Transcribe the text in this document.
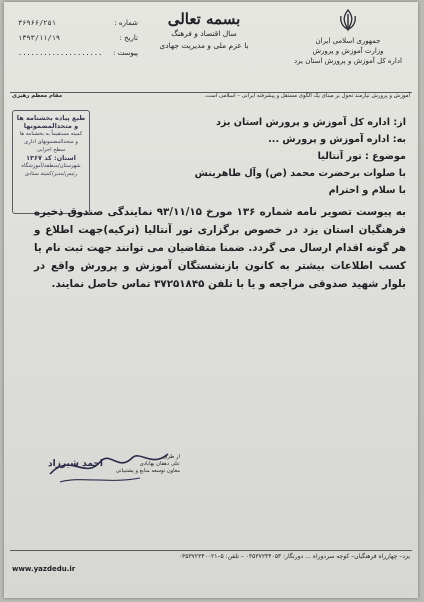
جمهوری اسلامی ایران
وزارت آموزش و پرورش
اداره کل آموزش و پرورش استان یزد
بسمه تعالی
سال اقتصاد و فرهنگ
با عزم ملی و مدیریت جهادی
شماره :
۳۶۹۶۶/۲۵۱
تاریخ :
۱۳۹۳/۱۱/۱۹
پیوست :
....................
آموزش و پرورش نیازمند تحول بر مبنای یک الگوی مستقل و پیشرفته ایرانی – اسلامی است.
مقام معظم رهبری
طبع پیاده بخشنامه ها
و متحدالمضمونها
کمیته مستقیماً به بخشنامه ها
و متحدالمضمونهای اداری
سطح اجرایی
استان: کد ۱۳۶۷
شهرستان/منطقه/آموزشگاه
رئیس/مدیر/کمیته ستادی
از: اداره کل آموزش و پرورش استان یزد
به: اداره آموزش و پرورش ...
موضوع : تور آنتالیا
با صلوات برحضرت محمد (ص) وآل طاهرینش
با سلام و احترام
به پیوست تصویر نامه شماره ۱۳۶ مورخ ۹۳/۱۱/۱۵ نمایندگی صندوق ذخیره فرهنگیان استان یزد در خصوص برگزاری تور آنتالیا (ترکیه)جهت اطلاع و هر گونه اقدام ارسال می گردد. ضمنا متقاضیان می توانند جهت ثبت نام یا کسب اطلاعات بیشتر به کانون بازنشستگان آموزش و پرورش واقع در بلوار شهید صدوقی مراجعه و یا با تلفن ۳۷۲۵۱۸۴۵ تماس حاصل نمایند.
احمد شیرزاد
از طرف
علی دهقان بهابادی
معاون توسعه منابع و پشتیبانی
یزد– چهارراه فرهنگیان– کوچه سردوراه ... دورنگار: ۰۳۵۳۷۲۴۴۰۵۳ – تلفن: ۵–۰۳۵۳۷۲۳۴۰۰۲۱
www.yazdedu.ir
